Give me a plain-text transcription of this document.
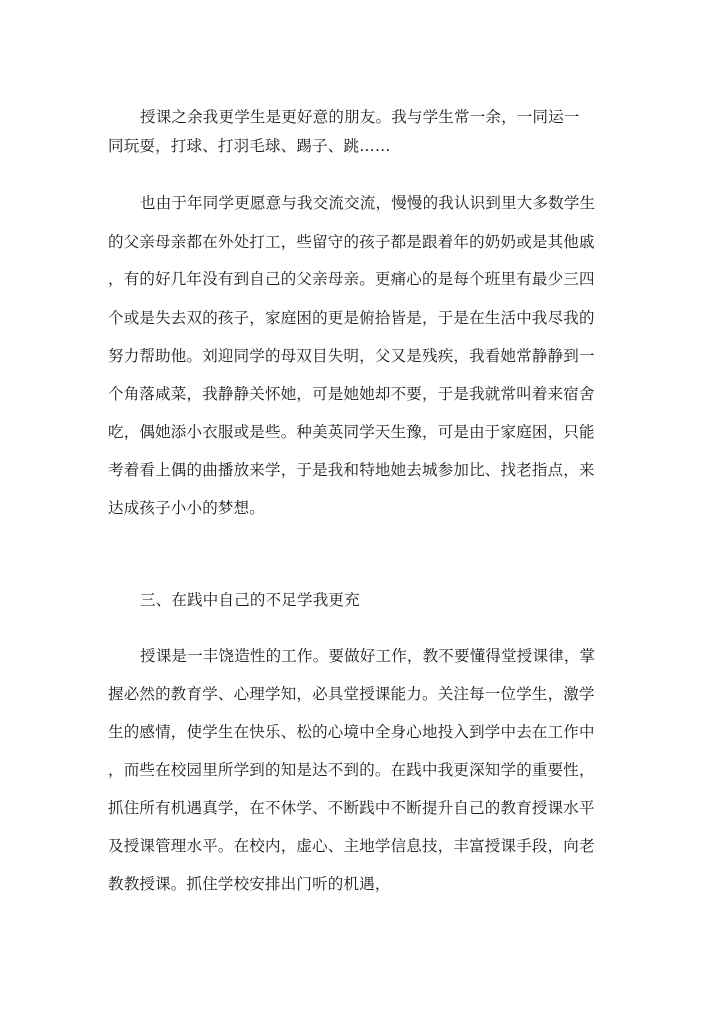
授课之余我更学生是更好意的朋友。我与学生常一余，一同运一
同玩耍，打球、打羽毛球、踢子、跳……
也由于年同学更愿意与我交流交流，慢慢的我认识到里大多数学生
的父亲母亲都在外处打工，些留守的孩子都是跟着年的奶奶或是其他戚
，有的好几年没有到自己的父亲母亲。更痛心的是每个班里有最少三四
个或是失去双的孩子，家庭困的更是俯拾皆是，于是在生活中我尽我的
努力帮助他。刘迎同学的母双目失明，父又是残疾，我看她常静静到一
个角落咸菜，我静静关怀她，可是她她却不要，于是我就常叫着来宿舍
吃，偶她添小衣服或是些。种美英同学天生豫，可是由于家庭困，只能
考着看上偶的曲播放来学，于是我和特地她去城参加比、找老指点，来
达成孩子小小的梦想。
三、在践中自己的不足学我更充
授课是一丰饶造性的工作。要做好工作，教不要懂得堂授课律，掌
握必然的教育学、心理学知，必具堂授课能力。关注每一位学生，激学
生的感情，使学生在快乐、松的心境中全身心地投入到学中去在工作中
，而些在校园里所学到的知是达不到的。在践中我更深知学的重要性，
抓住所有机遇真学，在不休学、不断践中不断提升自己的教育授课水平
及授课管理水平。在校内，虚心、主地学信息技，丰富授课手段，向老
教教授课。抓住学校安排出门听的机遇，
